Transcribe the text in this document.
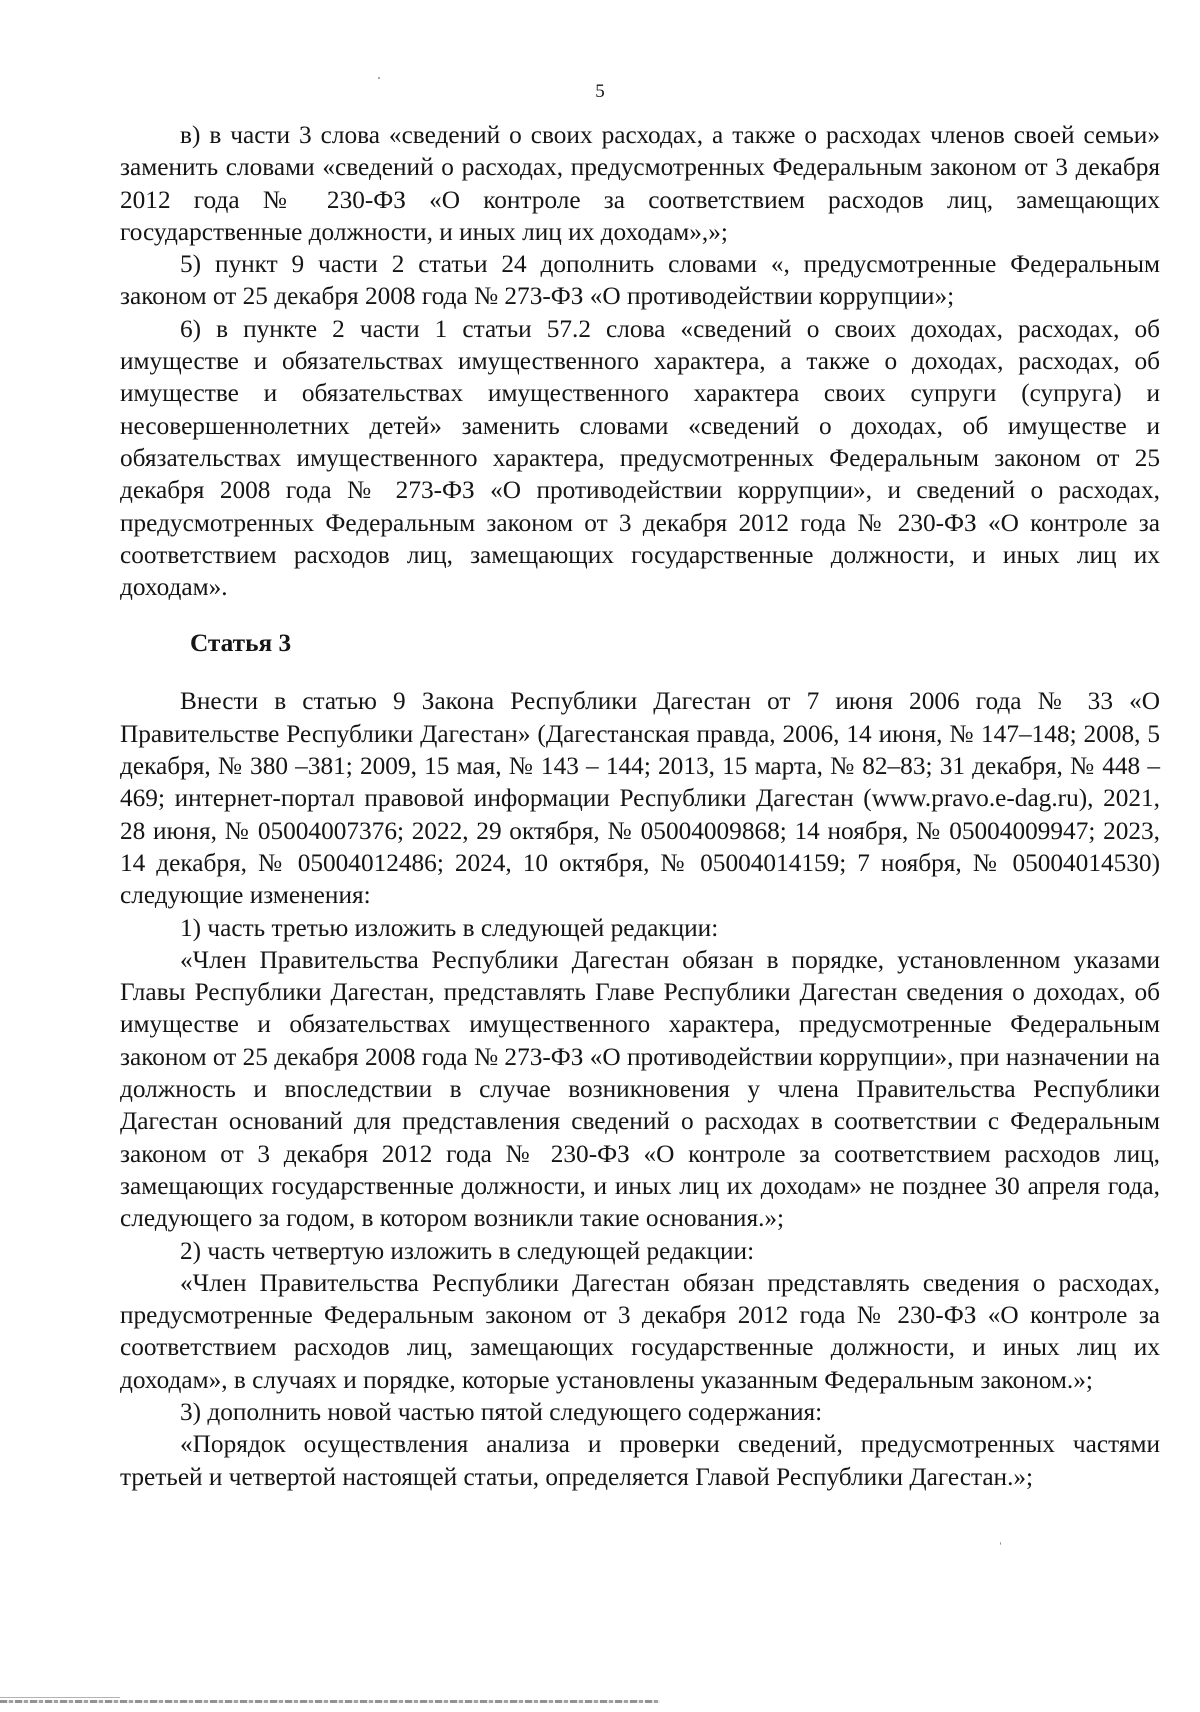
5

в) в части 3 слова «сведений о своих расходах, а также о расходах членов своей семьи» заменить словами «сведений о расходах, предусмотренных Федеральным законом от 3 декабря 2012 года № 230-ФЗ «О контроле за соответствием расходов лиц, замещающих государственные должности, и иных лиц их доходам»,»;

5) пункт 9 части 2 статьи 24 дополнить словами «, предусмотренные Федеральным законом от 25 декабря 2008 года № 273-ФЗ «О противодействии коррупции»;

6) в пункте 2 части 1 статьи 57.2 слова «сведений о своих доходах, расходах, об имуществе и обязательствах имущественного характера, а также о доходах, расходах, об имуществе и обязательствах имущественного характера своих супруги (супруга) и несовершеннолетних детей» заменить словами «сведений о доходах, об имуществе и обязательствах имущественного характера, предусмотренных Федеральным законом от 25 декабря 2008 года № 273-ФЗ «О противодействии коррупции», и сведений о расходах, предусмотренных Федеральным законом от 3 декабря 2012 года № 230-ФЗ «О контроле за соответствием расходов лиц, замещающих государственные должности, и иных лиц их доходам».

Статья 3

Внести в статью 9 Закона Республики Дагестан от 7 июня 2006 года № 33 «О Правительстве Республики Дагестан» (Дагестанская правда, 2006, 14 июня, № 147–148; 2008, 5 декабря, № 380 –381; 2009, 15 мая, № 143 – 144; 2013, 15 марта, № 82–83; 31 декабря, № 448 – 469; интернет-портал правовой информации Республики Дагестан (www.pravo.e-dag.ru), 2021, 28 июня, № 05004007376; 2022, 29 октября, № 05004009868; 14 ноября, № 05004009947; 2023, 14 декабря, № 05004012486; 2024, 10 октября, № 05004014159; 7 ноября, № 05004014530) следующие изменения:

1) часть третью изложить в следующей редакции:

«Член Правительства Республики Дагестан обязан в порядке, установленном указами Главы Республики Дагестан, представлять Главе Республики Дагестан сведения о доходах, об имуществе и обязательствах имущественного характера, предусмотренные Федеральным законом от 25 декабря 2008 года № 273-ФЗ «О противодействии коррупции», при назначении на должность и впоследствии в случае возникновения у члена Правительства Республики Дагестан оснований для представления сведений о расходах в соответствии с Федеральным законом от 3 декабря 2012 года № 230-ФЗ «О контроле за соответствием расходов лиц, замещающих государственные должности, и иных лиц их доходам» не позднее 30 апреля года, следующего за годом, в котором возникли такие основания.»;

2) часть четвертую изложить в следующей редакции:

«Член Правительства Республики Дагестан обязан представлять сведения о расходах, предусмотренные Федеральным законом от 3 декабря 2012 года № 230-ФЗ «О контроле за соответствием расходов лиц, замещающих государственные должности, и иных лиц их доходам», в случаях и порядке, которые установлены указанным Федеральным законом.»;

3) дополнить новой частью пятой следующего содержания:

«Порядок осуществления анализа и проверки сведений, предусмотренных частями третьей и четвертой настоящей статьи, определяется Главой Республики Дагестан.»;
